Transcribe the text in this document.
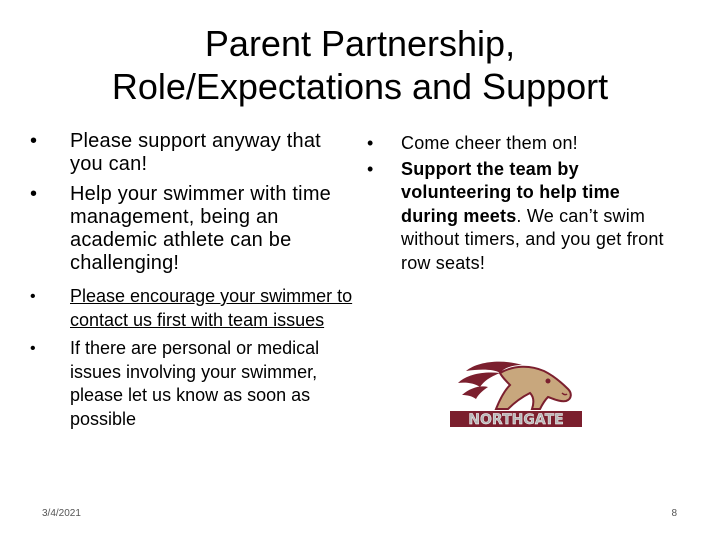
Parent Partnership,
Role/Expectations and Support
• Please support anyway that you can!
• Help your swimmer with time management, being an academic athlete can be challenging!
• Please encourage your swimmer to contact us first with team issues
• If there are personal or medical issues involving your swimmer, please let us know as soon as possible
• Come cheer them on!
• Support the team by volunteering to help time during meets. We can’t swim without timers, and you get front row seats!
NORTHGATE
3/4/2021	8
